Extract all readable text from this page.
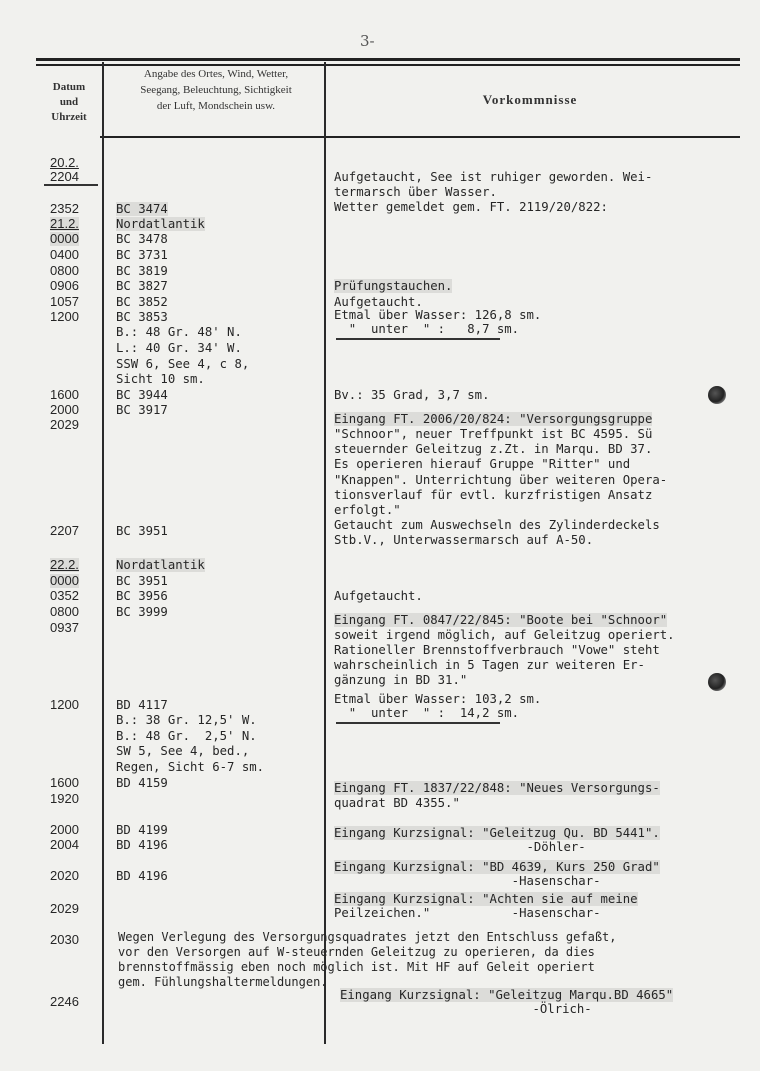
3-
Datum
und
Uhrzeit
Angabe des Ortes, Wind, Wetter,
Seegang, Beleuchtung, Sichtigkeit
der Luft, Mondschein usw.	Vorkommnisse
20.2.
2204
2352
21.2.
0000
0400
0800
0906
1057
1200
1600
2000
2029
2207
22.2.
0000
0352
0800
0937
1200
1600
1920
2000
2004
2020
2029
2030
2246
BC 3474
Nordatlantik
BC 3478
BC 3731
BC 3819
BC 3827
BC 3852
BC 3853
B.: 48 Gr. 48' N.
L.: 40 Gr. 34' W.
SSW 6, See 4, c 8,
Sicht 10 sm.
BC 3944
BC 3917
BC 3951
Nordatlantik
BC 3951
BC 3956
BC 3999
BD 4117
B.: 38 Gr. 12,5' W.
B.: 48 Gr.  2,5' N.
SW 5, See 4, bed.,
Regen, Sicht 6-7 sm.
BD 4159
BD 4199
BD 4196
BD 4196
Aufgetaucht, See ist ruhiger geworden. Wei-
termarsch über Wasser.
Wetter gemeldet gem. FT. 2119/20/822:
Prüfungstauchen.
Aufgetaucht.
Etmal über Wasser: 126,8 sm.
"  unter  " :   8,7 sm.
Bv.: 35 Grad, 3,7 sm.
Eingang FT. 2006/20/824: "Versorgungsgruppe
"Schnoor", neuer Treffpunkt ist BC 4595. Sü
steuernder Geleitzug z.Zt. in Marqu. BD 37.
Es operieren hierauf Gruppe "Ritter" und
"Knappen". Unterrichtung über weiteren Opera-
tionsverlauf für evtl. kurzfristigen Ansatz
erfolgt."
Getaucht zum Auswechseln des Zylinderdeckels
Stb.V., Unterwassermarsch auf A-50.
Aufgetaucht.
Eingang FT. 0847/22/845: "Boote bei "Schnoor"
soweit irgend möglich, auf Geleitzug operiert.
Rationeller Brennstoffverbrauch "Vowe" steht
wahrscheinlich in 5 Tagen zur weiteren Er-
gänzung in BD 31."
Etmal über Wasser: 103,2 sm.
"  unter  " :  14,2 sm.
Eingang FT. 1837/22/848: "Neues Versorgungs-
quadrat BD 4355."
Eingang Kurzsignal: "Geleitzug Qu. BD 5441".
-Döhler-
Eingang Kurzsignal: "BD 4639, Kurs 250 Grad"
-Hasenschar-
Eingang Kurzsignal: "Achten sie auf meine
Peilzeichen."           -Hasenschar-
Wegen Verlegung des Versorgungsquadrates jetzt den Entschluss gefaßt,
vor den Versorgen auf W-steuernden Geleitzug zu operieren, da dies
brennstoffmässig eben noch möglich ist. Mit HF auf Geleit operiert
gem. Fühlungshaltermeldungen.
Eingang Kurzsignal: "Geleitzug Marqu.BD 4665"
-Ölrich-
